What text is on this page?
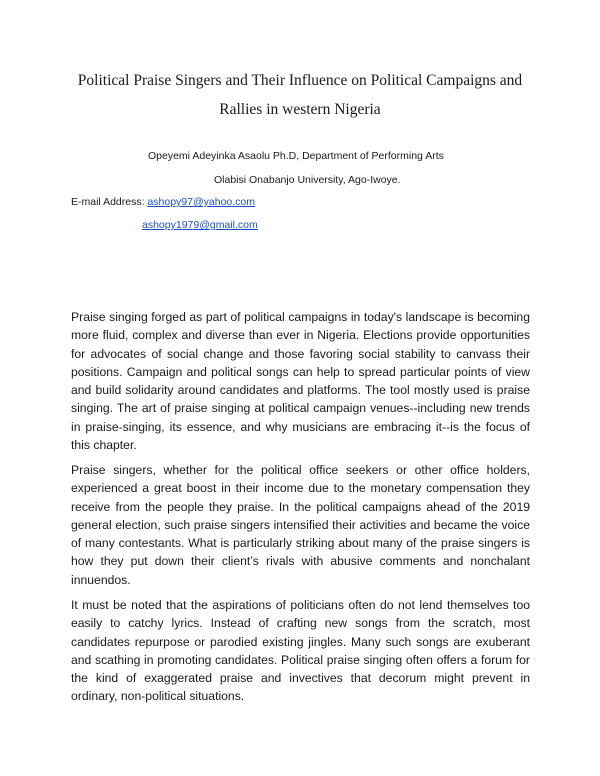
Political Praise Singers and Their Influence on Political Campaigns and
Rallies in western Nigeria
Opeyemi Adeyinka Asaolu Ph.D, Department of Performing Arts
Olabisi Onabanjo University, Ago-Iwoye.
E-mail Address: ashopy97@yahoo.com
ashopy1979@gmail.com

Praise singing forged as part of political campaigns in today's landscape is becoming more fluid, complex and diverse than ever in Nigeria. Elections provide opportunities for advocates of social change and those favoring social stability to canvass their positions. Campaign and political songs can help to spread particular points of view and build solidarity around candidates and platforms. The tool mostly used is praise singing. The art of praise singing at political campaign venues--including new trends in praise-singing, its essence, and why musicians are embracing it--is the focus of this chapter.

Praise singers, whether for the political office seekers or other office holders, experienced a great boost in their income due to the monetary compensation they receive from the people they praise. In the political campaigns ahead of the 2019 general election, such praise singers intensified their activities and became the voice of many contestants. What is particularly striking about many of the praise singers is how they put down their client’s rivals with abusive comments and nonchalant innuendos.

It must be noted that the aspirations of politicians often do not lend themselves too easily to catchy lyrics. Instead of crafting new songs from the scratch, most candidates repurpose or parodied existing jingles. Many such songs are exuberant and scathing in promoting candidates. Political praise singing often offers a forum for the kind of exaggerated praise and invectives that decorum might prevent in ordinary, non-political situations.
